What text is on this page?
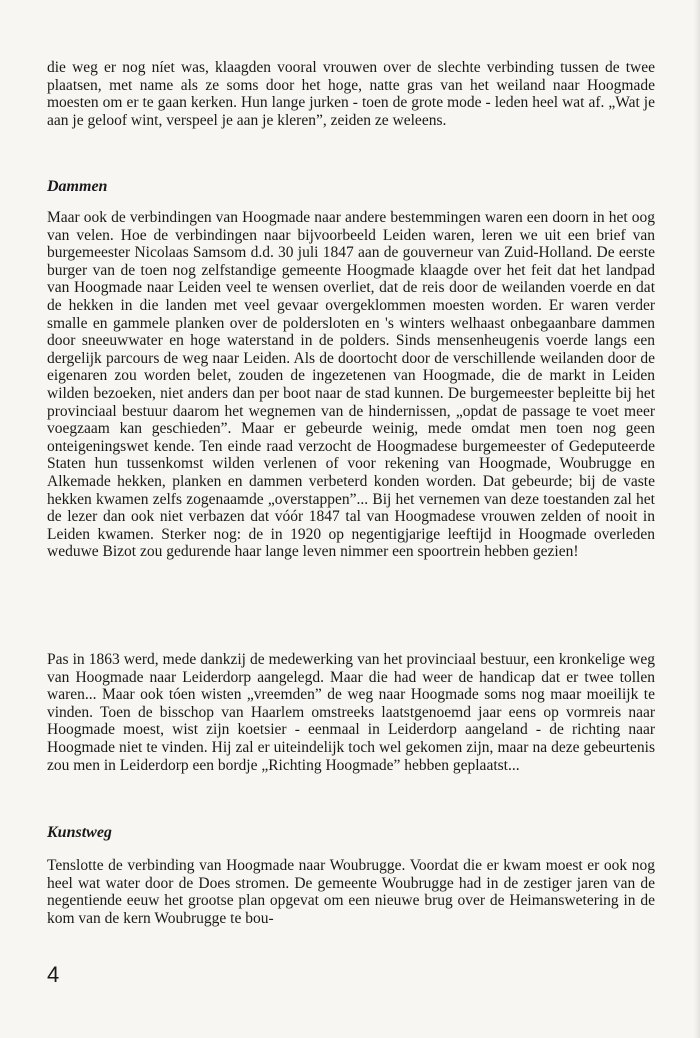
die weg er nog níet was, klaagden vooral vrouwen over de slechte verbinding tussen de twee plaatsen, met name als ze soms door het hoge, natte gras van het weiland naar Hoogmade moesten om er te gaan kerken. Hun lange jurken - toen de grote mode - leden heel wat af. „Wat je aan je geloof wint, verspeel je aan je kleren”, zeiden ze weleens.

Dammen

Maar ook de verbindingen van Hoogmade naar andere bestemmingen waren een doorn in het oog van velen. Hoe de verbindingen naar bijvoorbeeld Leiden waren, leren we uit een brief van burgemeester Nicolaas Samsom d.d. 30 juli 1847 aan de gouverneur van Zuid-Holland. De eerste burger van de toen nog zelfstandige gemeente Hoogmade klaagde over het feit dat het landpad van Hoogmade naar Leiden veel te wensen overliet, dat de reis door de weilanden voerde en dat de hekken in die landen met veel gevaar overgeklommen moesten worden. Er waren verder smalle en gammele planken over de poldersloten en 's winters welhaast onbegaanbare dammen door sneeuwwater en hoge waterstand in de polders. Sinds mensenheugenis voerde langs een dergelijk parcours de weg naar Leiden. Als de doortocht door de verschillende weilanden door de eigenaren zou worden belet, zouden de ingezetenen van Hoogmade, die de markt in Leiden wilden bezoeken, niet anders dan per boot naar de stad kunnen. De burgemeester bepleitte bij het provinciaal bestuur daarom het wegnemen van de hindernissen, „opdat de passage te voet meer voegzaam kan geschieden”. Maar er gebeurde weinig, mede omdat men toen nog geen onteigeningswet kende. Ten einde raad verzocht de Hoogmadese burgemeester of Gedeputeerde Staten hun tussenkomst wilden verlenen of voor rekening van Hoogmade, Woubrugge en Alkemade hekken, planken en dammen verbeterd konden worden. Dat gebeurde; bij de vaste hekken kwamen zelfs zogenaamde „overstappen”... Bij het vernemen van deze toestanden zal het de lezer dan ook niet verbazen dat vóór 1847 tal van Hoogmadese vrouwen zelden of nooit in Leiden kwamen. Sterker nog: de in 1920 op negentigjarige leeftijd in Hoogmade overleden weduwe Bizot zou gedurende haar lange leven nimmer een spoortrein hebben gezien!

Pas in 1863 werd, mede dankzij de medewerking van het provinciaal bestuur, een kronkelige weg van Hoogmade naar Leiderdorp aangelegd. Maar die had weer de handicap dat er twee tollen waren... Maar ook tóen wisten „vreemden” de weg naar Hoogmade soms nog maar moeilijk te vinden. Toen de bisschop van Haarlem omstreeks laatstgenoemd jaar eens op vormreis naar Hoogmade moest, wist zijn koetsier - eenmaal in Leiderdorp aangeland - de richting naar Hoogmade niet te vinden. Hij zal er uiteindelijk toch wel gekomen zijn, maar na deze gebeurtenis zou men in Leiderdorp een bordje „Richting Hoogmade” hebben geplaatst...

Kunstweg

Tenslotte de verbinding van Hoogmade naar Woubrugge. Voordat die er kwam moest er ook nog heel wat water door de Does stromen. De gemeente Woubrugge had in de zestiger jaren van de negentiende eeuw het grootse plan opgevat om een nieuwe brug over de Heimanswetering in de kom van de kern Woubrugge te bou-

4
